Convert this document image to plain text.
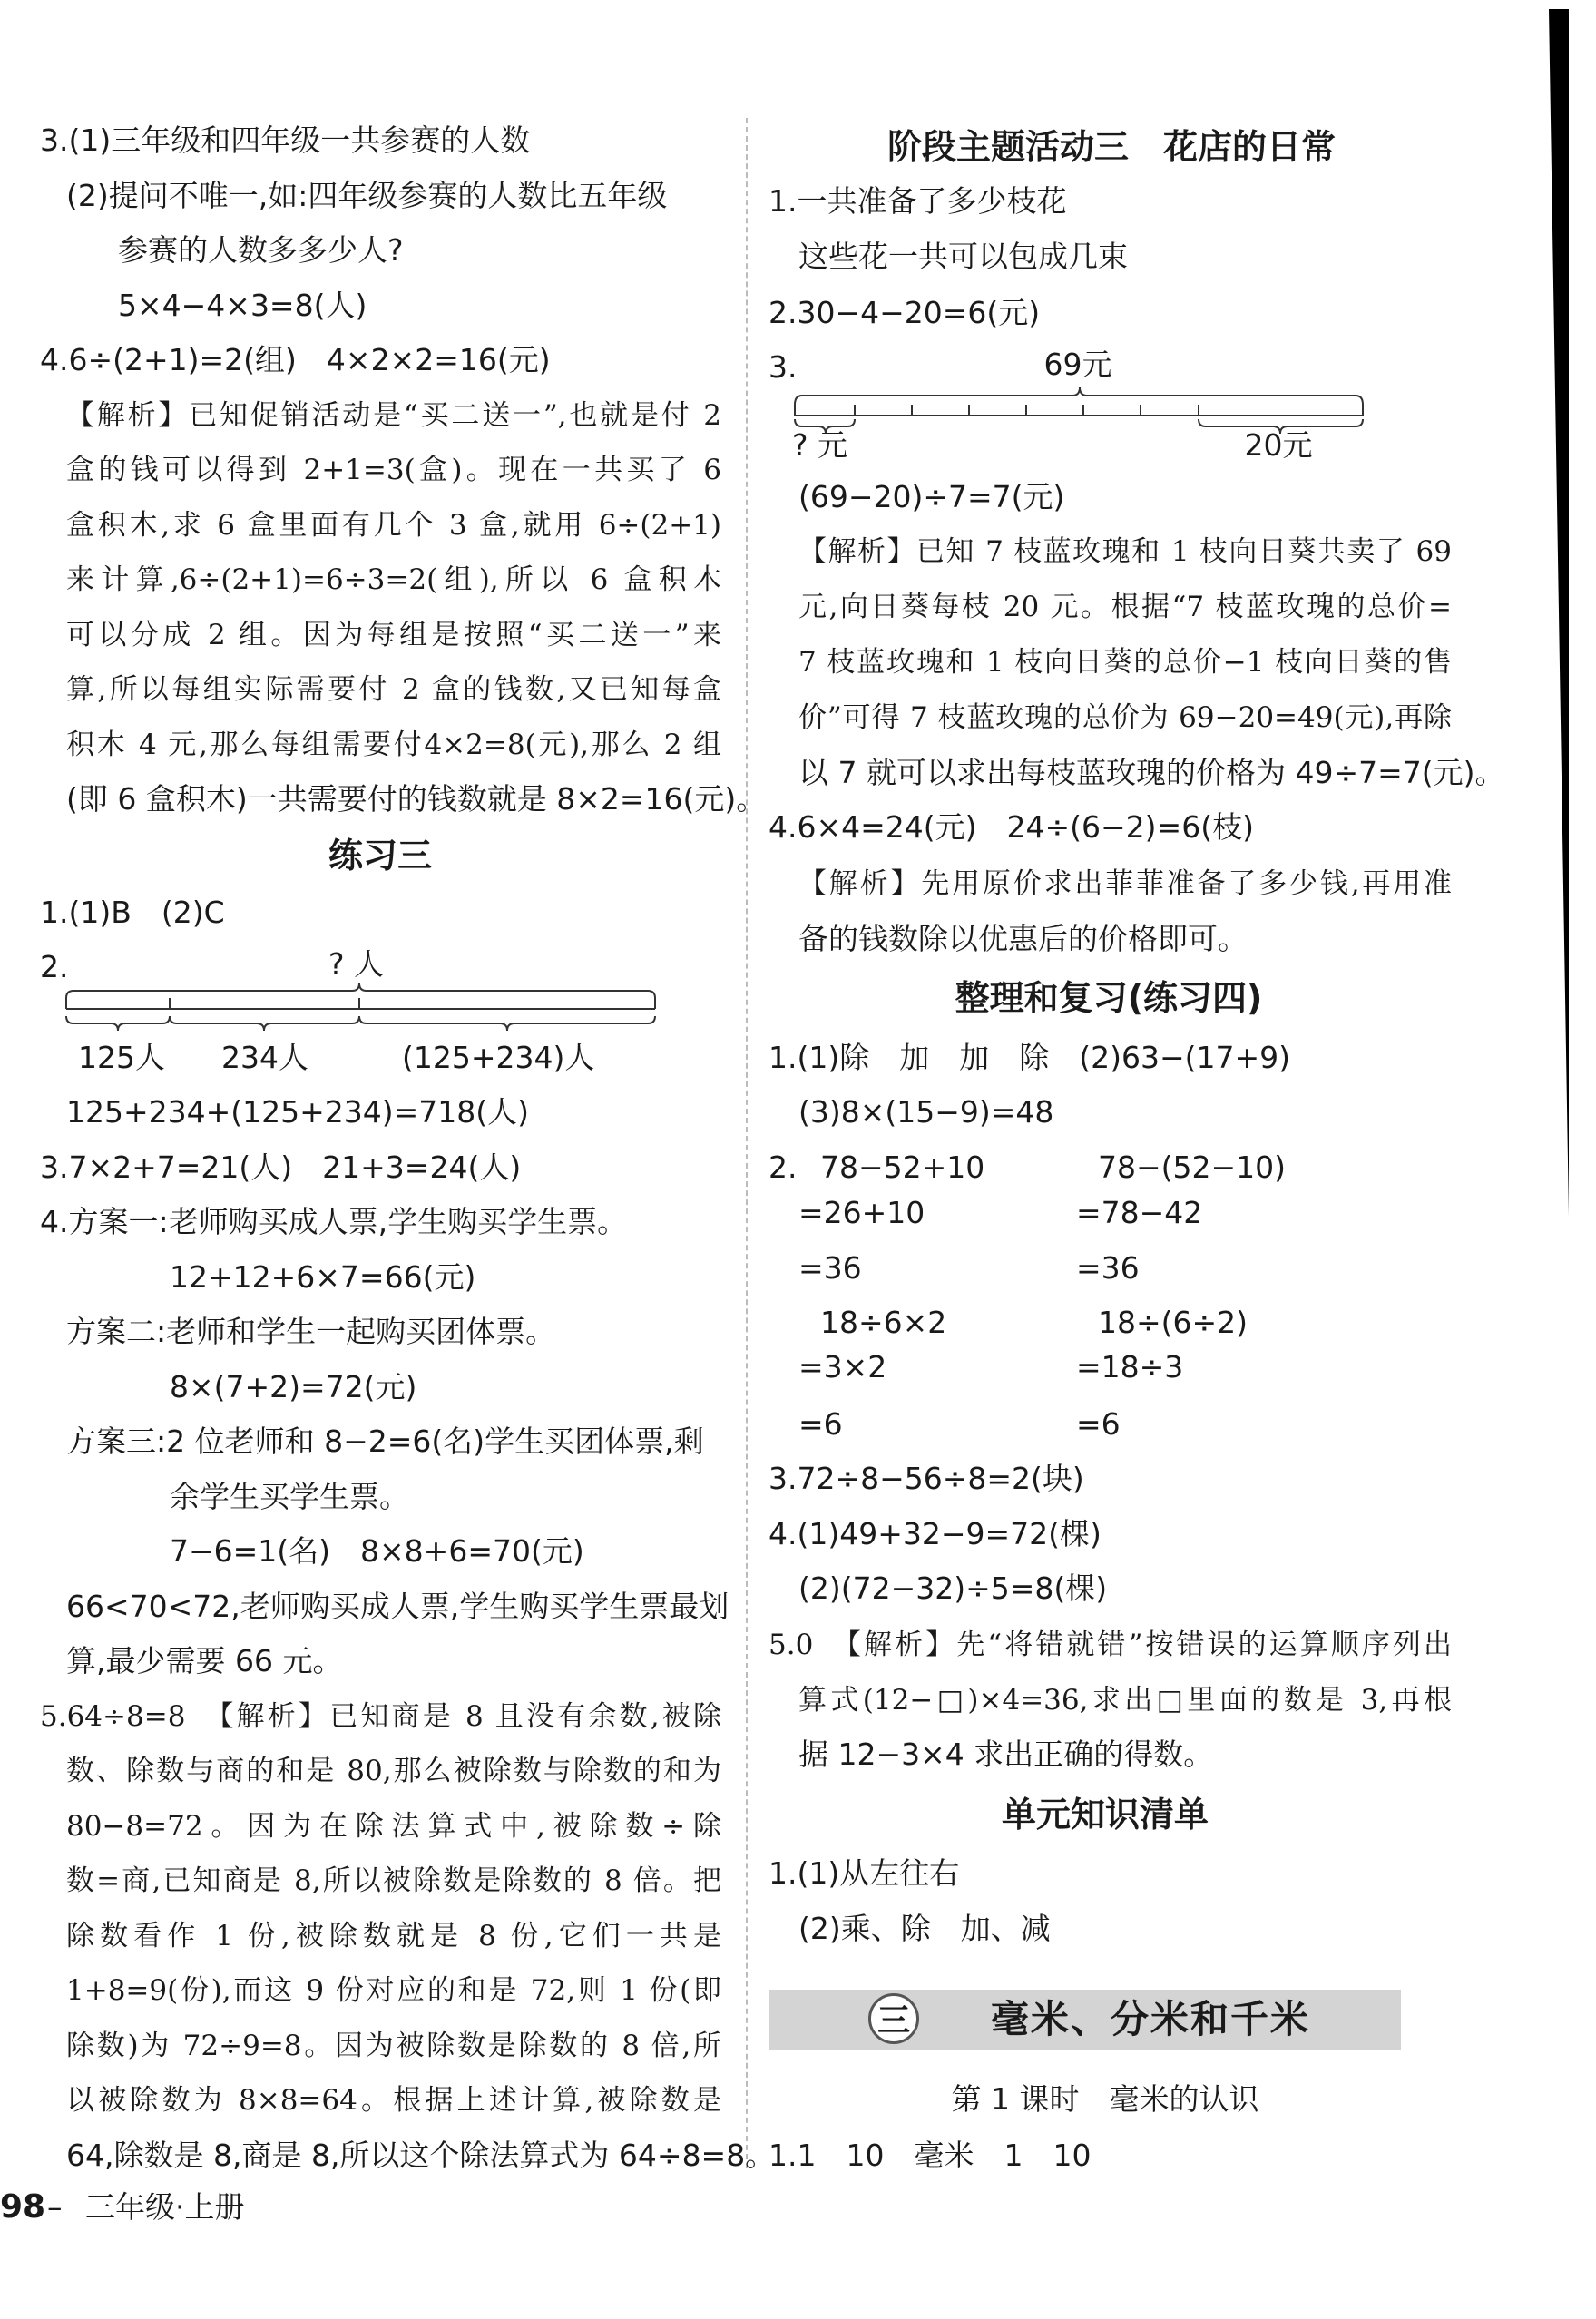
三 毫米、分米和千米
3.(1)三年级和四年级一共参赛的人数
(2)提问不唯一,如:四年级参赛的人数比五年级
参赛的人数多多少人?
5×4−4×3=8(人)
4.6÷(2+1)=2(组)　4×2×2=16(元)
【解析】已知促销活动是“买二送一”,也就是付 2
盒的钱可以得到 2+1=3(盒)。现在一共买了 6
盒积木,求 6 盒里面有几个 3 盒,就用 6÷(2+1)
来计算,6÷(2+1)=6÷3=2(组),所以 6 盒积木
可以分成 2 组。因为每组是按照“买二送一”来
算,所以每组实际需要付 2 盒的钱数,又已知每盒
积木 4 元,那么每组需要付4×2=8(元),那么 2 组
(即 6 盒积木)一共需要付的钱数就是 8×2=16(元)。
练习三
1.(1)B　(2)C
2.	? 人
125人 234人	(125+234)人
125+234+(125+234)=718(人)
3.7×2+7=21(人)　21+3=24(人)
4.方案一:老师购买成人票,学生购买学生票。
12+12+6×7=66(元)
方案二:老师和学生一起购买团体票。
8×(7+2)=72(元)
方案三:2 位老师和 8−2=6(名)学生买团体票,剩
余学生买学生票。
7−6=1(名)　8×8+6=70(元)
66<70<72,老师购买成人票,学生购买学生票最划
算,最少需要 66 元。
5.64÷8=8　【解析】已知商是 8 且没有余数,被除
数、除数与商的和是 80,那么被除数与除数的和为
80−8=72。因为在除法算式中,被除数÷除
数=商,已知商是 8,所以被除数是除数的 8 倍。把
除数看作 1 份,被除数就是 8 份,它们一共是
1+8=9(份),而这 9 份对应的和是 72,则 1 份(即
除数)为 72÷9=8。因为被除数是除数的 8 倍,所
以被除数为 8×8=64。根据上述计算,被除数是
64,除数是 8,商是 8,所以这个除法算式为 64÷8=8。
阶段主题活动三　花店的日常
1.一共准备了多少枝花
这些花一共可以包成几束
2.30−4−20=6(元)
3.	69元
? 元	20元
(69−20)÷7=7(元)
【解析】已知 7 枝蓝玫瑰和 1 枝向日葵共卖了 69
元,向日葵每枝 20 元。根据“7 枝蓝玫瑰的总价=
7 枝蓝玫瑰和 1 枝向日葵的总价−1 枝向日葵的售
价”可得 7 枝蓝玫瑰的总价为 69−20=49(元),再除
以 7 就可以求出每枝蓝玫瑰的价格为 49÷7=7(元)。
4.6×4=24(元)　24÷(6−2)=6(枝)
【解析】先用原价求出菲菲准备了多少钱,再用准
备的钱数除以优惠后的价格即可。
整理和复习(练习四)
1.(1)除　加　加　除　(2)63−(17+9)
(3)8×(15−9)=48
2. 78−52+10	78−(52−10)
=26+10	=78−42
=36	=36
18÷6×2	18÷(6÷2)
=3×2	=18÷3
=6	=6
3.72÷8−56÷8=2(块)
4.(1)49+32−9=72(棵)
(2)(72−32)÷5=8(棵)
5.0　【解析】先“将错就错”按错误的运算顺序列出
算式(12−□)×4=36,求出□里面的数是 3,再根
据 12−3×4 求出正确的得数。
单元知识清单
1.(1)从左往右
(2)乘、除　加、减
第 1 课时　毫米的认识
1.1　10　毫米　1　10
98 – 三年级·上册
